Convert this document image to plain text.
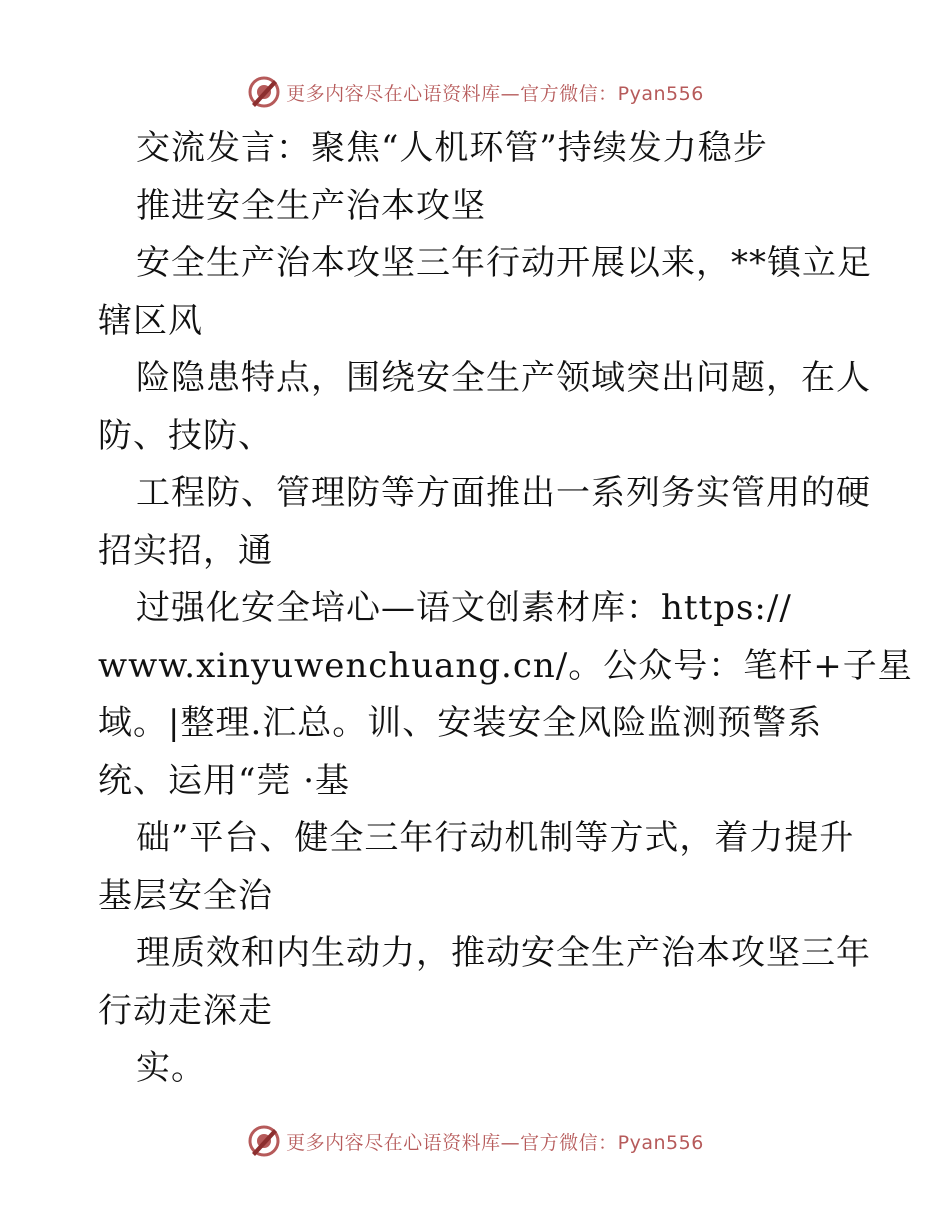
更多内容尽在心语资料库—官方微信：Pyan556
交流发言：聚焦“人机环管”持续发力稳步
推进安全生产治本攻坚
安全生产治本攻坚三年行动开展以来，**镇立足
辖区风
险隐患特点，围绕安全生产领域突出问题，在人
防、技防、
工程防、管理防等方面推出一系列务实管用的硬
招实招，通
过强化安全培心—语文创素材库：https://
www.xinyuwenchuang.cn/。公众号：笔杆+子星
域。|整理.汇总。训、安装安全风险监测预警系
统、运用“莞 ·基
础”平台、健全三年行动机制等方式，着力提升
基层安全治
理质效和内生动力，推动安全生产治本攻坚三年
行动走深走
实。
更多内容尽在心语资料库—官方微信：Pyan556
